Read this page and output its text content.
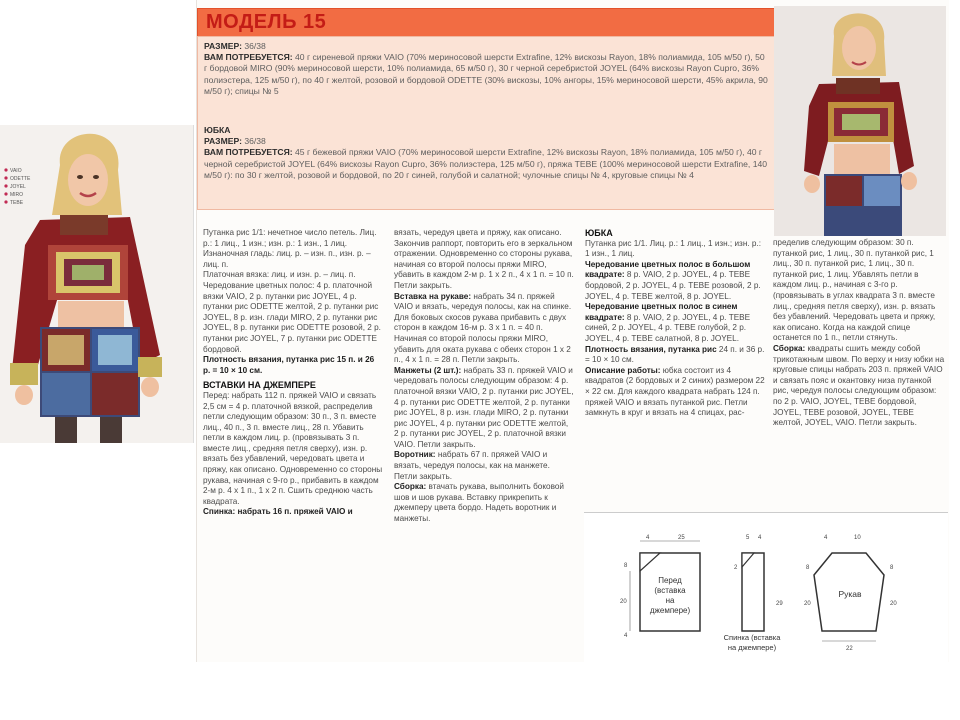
VAIO
ODETTE
JOYEL
MIRO
TEBE
МОДЕЛЬ 15
РАЗМЕР: 36/38
ВАМ ПОТРЕБУЕТСЯ: 40 г сиреневой пряжи VAIO (70% мериносовой шерсти Extrafine, 12% вискозы Rayon, 18% полиамида, 105 м/50 г), 50 г бордовой MIRO (90% мериносовой шерсти, 10% полиамида, 65 м/50 г), 30 г черной серебристой JOYEL (64% вискозы Rayon Cupro, 36% полиэстера, 125 м/50 г), по 40 г желтой, розовой и бордовой ODETTE (30% вискозы, 10% ангоры, 15% мериносовой шерсти, 45% акрила, 90 м/50 г); спицы № 5
ЮБКА
РАЗМЕР: 36/38
ВАМ ПОТРЕБУЕТСЯ: 45 г бежевой пряжи VAIO (70% мериносовой шерсти Extrafine, 12% вискозы Rayon, 18% полиамида, 105 м/50 г), 40 г черной серебристой JOYEL (64% вискозы Rayon Cupro, 36% полиэстера, 125 м/50 г), пряжа TEBE (100% мериносовой шерсти Extrafine, 140 м/50 г): по 30 г желтой, розовой и бордовой, по 20 г синей, голубой и салатной; чулочные спицы № 4, круговые спицы № 4
Путанка рис 1/1: нечетное число петель. Лиц. р.: 1 лиц., 1 изн.; изн. р.: 1 изн., 1 лиц.
Изнаночная гладь: лиц. р. – изн. п., изн. р. – лиц. п.
Платочная вязка: лиц. и изн. р. – лиц. п.
Чередование цветных полос: 4 р. платочной вязки VAIO, 2 р. путанки рис JOYEL, 4 р. путанки рис ODETTE желтой, 2 р. путанки рис JOYEL, 8 р. изн. глади MIRO, 2 р. путанки рис JOYEL, 8 р. путанки рис ODETTE розовой, 2 р. путанки рис JOYEL, 7 р. путанки рис ODETTE бордовой.
Плотность вязания, путанка рис 15 п. и 26 р. = 10 × 10 см.
ВСТАВКИ НА ДЖЕМПЕРЕ
Перед: набрать 112 п. пряжей VAIO и связать 2,5 см = 4 р. платочной вязкой, распределив петли следующим образом: 30 п., 3 п. вместе лиц., 40 п., 3 п. вместе лиц., 28 п. Убавить петли в каждом лиц. р. (провязывать 3 п. вместе лиц., средняя петля сверху), изн. р. вязать без убавлений, чередовать цвета и пряжу, как описано. Одновременно со стороны рукава, начиная с 9-го р., прибавить в каждом 2-м р. 4 х 1 п., 1 х 2 п. Сшить среднюю часть квадрата.
Спинка: набрать 16 п. пряжей VAIO и
вязать, чередуя цвета и пряжу, как описано. Закончив раппорт, повторить его в зеркальном отражении. Одновременно со стороны рукава, начиная со второй полосы пряжи MIRO, убавить в каждом 2-м р. 1 х 2 п., 4 х 1 п. = 10 п. Петли закрыть.
Вставка на рукаве: набрать 34 п. пряжей VAIO и вязать, чередуя полосы, как на спинке. Для боковых скосов рукава прибавить с двух сторон в каждом 16-м р. 3 х 1 п. = 40 п. Начиная со второй полосы пряжи MIRO, убавить для оката рукава с обеих сторон 1 х 2 п., 4 х 1 п. = 28 п. Петли закрыть.
Манжеты (2 шт.): набрать 33 п. пряжей VAIO и чередовать полосы следующим образом: 4 р. платочной вязки VAIO, 2 р. путанки рис JOYEL, 4 р. путанки рис ODETTE желтой, 2 р. путанки рис JOYEL, 8 р. изн. глади MIRO, 2 р. путанки рис JOYEL, 4 р. путанки рис ODETTE желтой, 2 р. путанки рис JOYEL, 2 р. платочной вязки VAIO. Петли закрыть.
Воротник: набрать 67 п. пряжей VAIO и вязать, чередуя полосы, как на манжете. Петли закрыть.
Сборка: втачать рукава, выполнить боковой шов и шов рукава. Вставку прикрепить к джемперу цвета бордо. Надеть воротник и манжеты.
ЮБКА
Путанка рис 1/1. Лиц. р.: 1 лиц., 1 изн.; изн. р.: 1 изн., 1 лиц.
Чередование цветных полос в большом квадрате: 8 р. VAIO, 2 р. JOYEL, 4 р. TEBE бордовой, 2 р. JOYEL, 4 р. TEBE розовой, 2 р. JOYEL, 4 р. TEBE желтой, 8 р. JOYEL.
Чередование цветных полос в синем квадрате: 8 р. VAIO, 2 р. JOYEL, 4 р. TEBE синей, 2 р. JOYEL, 4 р. TEBE голубой, 2 р. JOYEL, 4 р. TEBE салатной, 8 р. JOYEL.
Плотность вязания, путанка рис 24 п. и 36 р. = 10 × 10 см.
Описание работы: юбка состоит из 4 квадратов (2 бордовых и 2 синих) размером 22 × 22 см. Для каждого квадрата набрать 124 п. пряжей VAIO и вязать путанкой рис. Петли замкнуть в круг и вязать на 4 спицах, рас-
пределив следующим образом: 30 п. путанкой рис, 1 лиц., 30 п. путанкой рис, 1 лиц., 30 п. путанкой рис, 1 лиц., 30 п. путанкой рис, 1 лиц. Убавлять петли в каждом лиц. р., начиная с 3-го р. (провязывать в углах квадрата 3 п. вместе лиц., средняя петля сверху), изн. р. вязать без убавлений. Чередовать цвета и пряжу, как описано. Когда на каждой спице останется по 1 п., петли стянуть.
Сборка: квадраты сшить между собой трикотажным швом. По верху и низу юбки на круговые спицы набрать 203 п. пряжей VAIO и связать пояс и окантовку низа путанкой рис, чередуя полосы следующим образом: по 2 р. VAIO, JOYEL, TEBE бордовой, JOYEL, TEBE розовой, JOYEL, TEBE желтой, JOYEL, VAIO. Петли закрыть.
Перед
(вставка
на
джемпере)
25
4
20
8
4
5 4
2
29
Спинка (вставка
на джемпере)
Рукав
10
4
8	8
20	20
22
